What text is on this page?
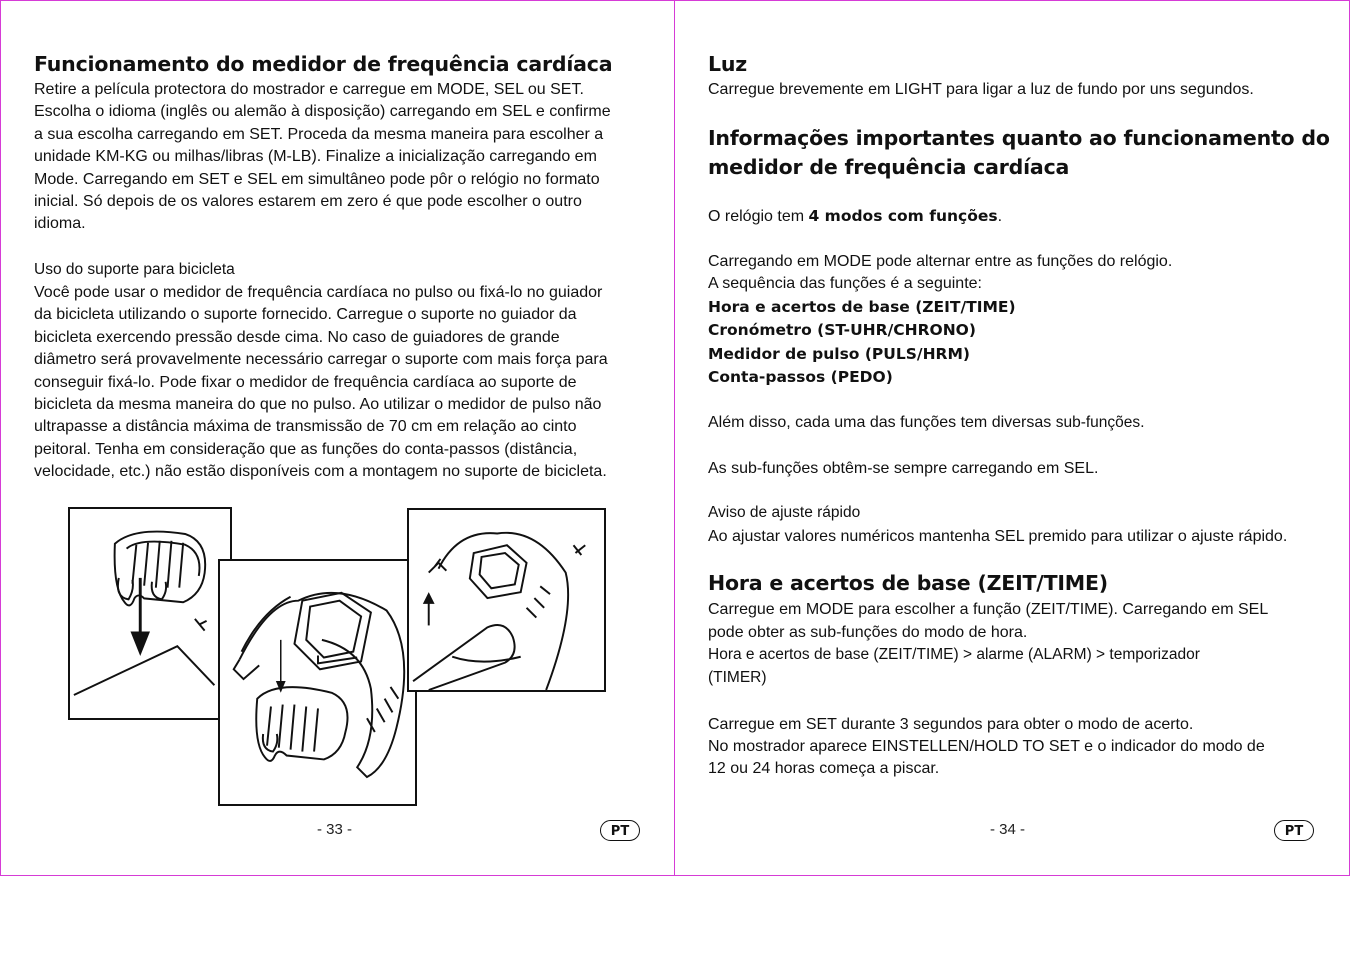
Funcionamento do medidor de frequência cardíaca

Retire a película protectora do mostrador e carregue em MODE, SEL ou SET.

Escolha o idioma (inglês ou alemão à disposição) carregando em SEL e confirme

a sua escolha carregando em SET. Proceda da mesma maneira para escolher a

unidade KM-KG ou milhas/libras (M-LB). Finalize a inicialização carregando em

Mode. Carregando em SET e SEL em simultâneo pode pôr o relógio no formato

inicial. Só depois de os valores estarem em zero é que pode escolher o outro

idioma.

Uso do suporte para bicicleta

Você pode usar o medidor de frequência cardíaca no pulso ou fixá-lo no guiador

da bicicleta utilizando o suporte fornecido. Carregue o suporte no guiador da

bicicleta exercendo pressão desde cima. No caso de guiadores de grande

diâmetro será provavelmente necessário carregar o suporte com mais força para

conseguir fixá-lo. Pode fixar o medidor de frequência cardíaca ao suporte de

bicicleta da mesma maneira do que no pulso. Ao utilizar o medidor de pulso não

ultrapasse a distância máxima de transmissão de 70 cm em relação ao cinto

peitoral. Tenha em consideração que as funções do conta-passos (distância,

velocidade, etc.) não estão disponíveis com a montagem no suporte de bicicleta.

- 33 -	PT
Luz

Carregue brevemente em LIGHT para ligar a luz de fundo por uns segundos.

Informações importantes quanto ao funcionamento do
medidor de frequência cardíaca

O relógio tem 4 modos com funções.

Carregando em MODE pode alternar entre as funções do relógio.

A sequência das funções é a seguinte:

Hora e acertos de base (ZEIT/TIME)

Cronómetro (ST-UHR/CHRONO)

Medidor de pulso (PULS/HRM)

Conta-passos (PEDO)

Além disso, cada uma das funções tem diversas sub-funções.

As sub-funções obtêm-se sempre carregando em SEL.

Aviso de ajuste rápido

Ao ajustar valores numéricos mantenha SEL premido para utilizar o ajuste rápido.

Hora e acertos de base (ZEIT/TIME)

Carregue em MODE para escolher a função (ZEIT/TIME). Carregando em SEL

pode obter as sub-funções do modo de hora.

Hora e acertos de base (ZEIT/TIME) > alarme (ALARM) > temporizador

(TIMER)

Carregue em SET durante 3 segundos para obter o modo de acerto.

No mostrador aparece EINSTELLEN/HOLD TO SET e o indicador do modo de

12 ou 24 horas começa a piscar.

- 34 -	PT
